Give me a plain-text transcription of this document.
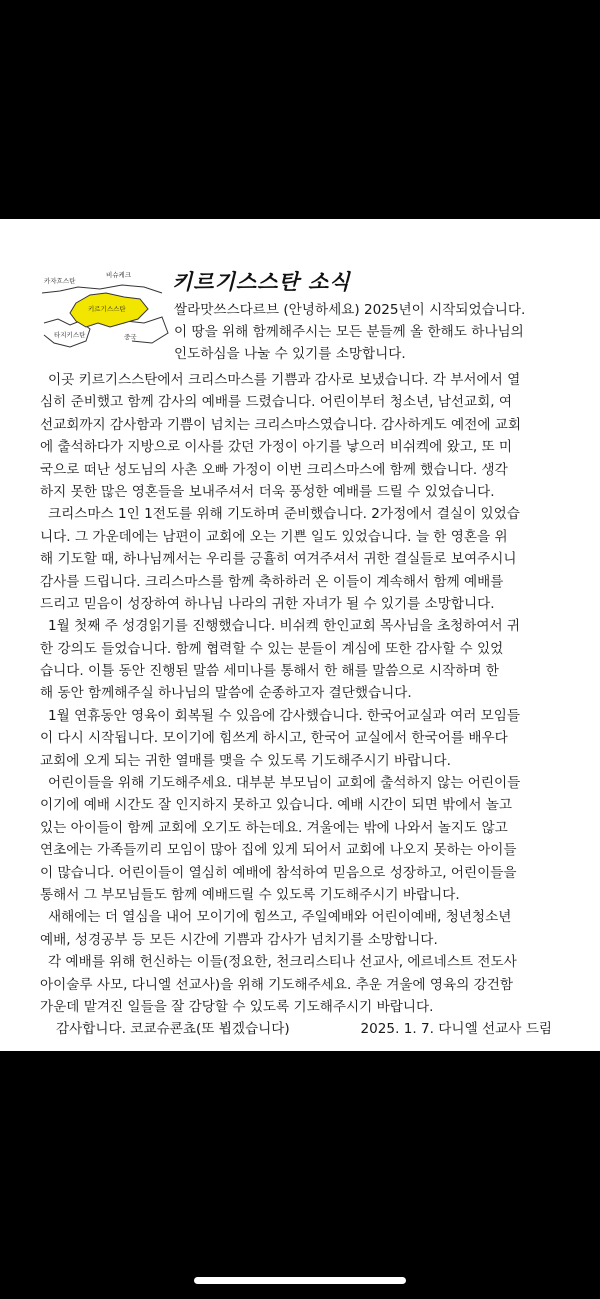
카자흐스탄
비슈케크
키르기스스탄
타지키스탄	중국
키르기스스탄 소식
쌀라맛쓰스다르브 (안녕하세요) 2025년이 시작되었습니다.
이 땅을 위해 함께해주시는 모든 분들께 올 한해도 하나님의
인도하심을 나눌 수 있기를 소망합니다.
이곳 키르기스스탄에서 크리스마스를 기쁨과 감사로 보냈습니다. 각 부서에서 열
심히 준비했고 함께 감사의 예배를 드렸습니다. 어린이부터 청소년, 남선교회, 여
선교회까지 감사함과 기쁨이 넘치는 크리스마스였습니다. 감사하게도 예전에 교회
에 출석하다가 지방으로 이사를 갔던 가정이 아기를 낳으러 비쉬켁에 왔고, 또 미
국으로 떠난 성도님의 사촌 오빠 가정이 이번 크리스마스에 함께 했습니다. 생각
하지 못한 많은 영혼들을 보내주셔서 더욱 풍성한 예배를 드릴 수 있었습니다.
크리스마스 1인 1전도를 위해 기도하며 준비했습니다. 2가정에서 결실이 있었습
니다. 그 가운데에는 남편이 교회에 오는 기쁜 일도 있었습니다. 늘 한 영혼을 위
해 기도할 때, 하나님께서는 우리를 긍휼히 여겨주셔서 귀한 결실들로 보여주시니
감사를 드립니다. 크리스마스를 함께 축하하러 온 이들이 계속해서 함께 예배를
드리고 믿음이 성장하여 하나님 나라의 귀한 자녀가 될 수 있기를 소망합니다.
1월 첫째 주 성경읽기를 진행했습니다. 비쉬켁 한인교회 목사님을 초청하여서 귀
한 강의도 들었습니다. 함께 협력할 수 있는 분들이 계심에 또한 감사할 수 있었
습니다. 이틀 동안 진행된 말씀 세미나를 통해서 한 해를 말씀으로 시작하며 한
해 동안 함께해주실 하나님의 말씀에 순종하고자 결단했습니다.
1월 연휴동안 영육이 회복될 수 있음에 감사했습니다. 한국어교실과 여러 모임들
이 다시 시작됩니다. 모이기에 힘쓰게 하시고, 한국어 교실에서 한국어를 배우다
교회에 오게 되는 귀한 열매를 맺을 수 있도록 기도해주시기 바랍니다.
어린이들을 위해 기도해주세요. 대부분 부모님이 교회에 출석하지 않는 어린이들
이기에 예배 시간도 잘 인지하지 못하고 있습니다. 예배 시간이 되면 밖에서 놀고
있는 아이들이 함께 교회에 오기도 하는데요. 겨울에는 밖에 나와서 놀지도 않고
연초에는 가족들끼리 모임이 많아 집에 있게 되어서 교회에 나오지 못하는 아이들
이 많습니다. 어린이들이 열심히 예배에 참석하여 믿음으로 성장하고, 어린이들을
통해서 그 부모님들도 함께 예배드릴 수 있도록 기도해주시기 바랍니다.
새해에는 더 열심을 내어 모이기에 힘쓰고, 주일예배와 어린이예배, 청년청소년
예배, 성경공부 등 모든 시간에 기쁨과 감사가 넘치기를 소망합니다.
각 예배를 위해 헌신하는 이들(정요한, 천크리스티나 선교사, 에르네스트 전도사
아이술루 사모, 다니엘 선교사)을 위해 기도해주세요. 추운 겨울에 영육의 강건함
가운데 맡겨진 일들을 잘 감당할 수 있도록 기도해주시기 바랍니다.
감사합니다. 코쿄슈쿈쵸(또 뵙겠습니다)	2025. 1. 7. 다니엘 선교사 드림
